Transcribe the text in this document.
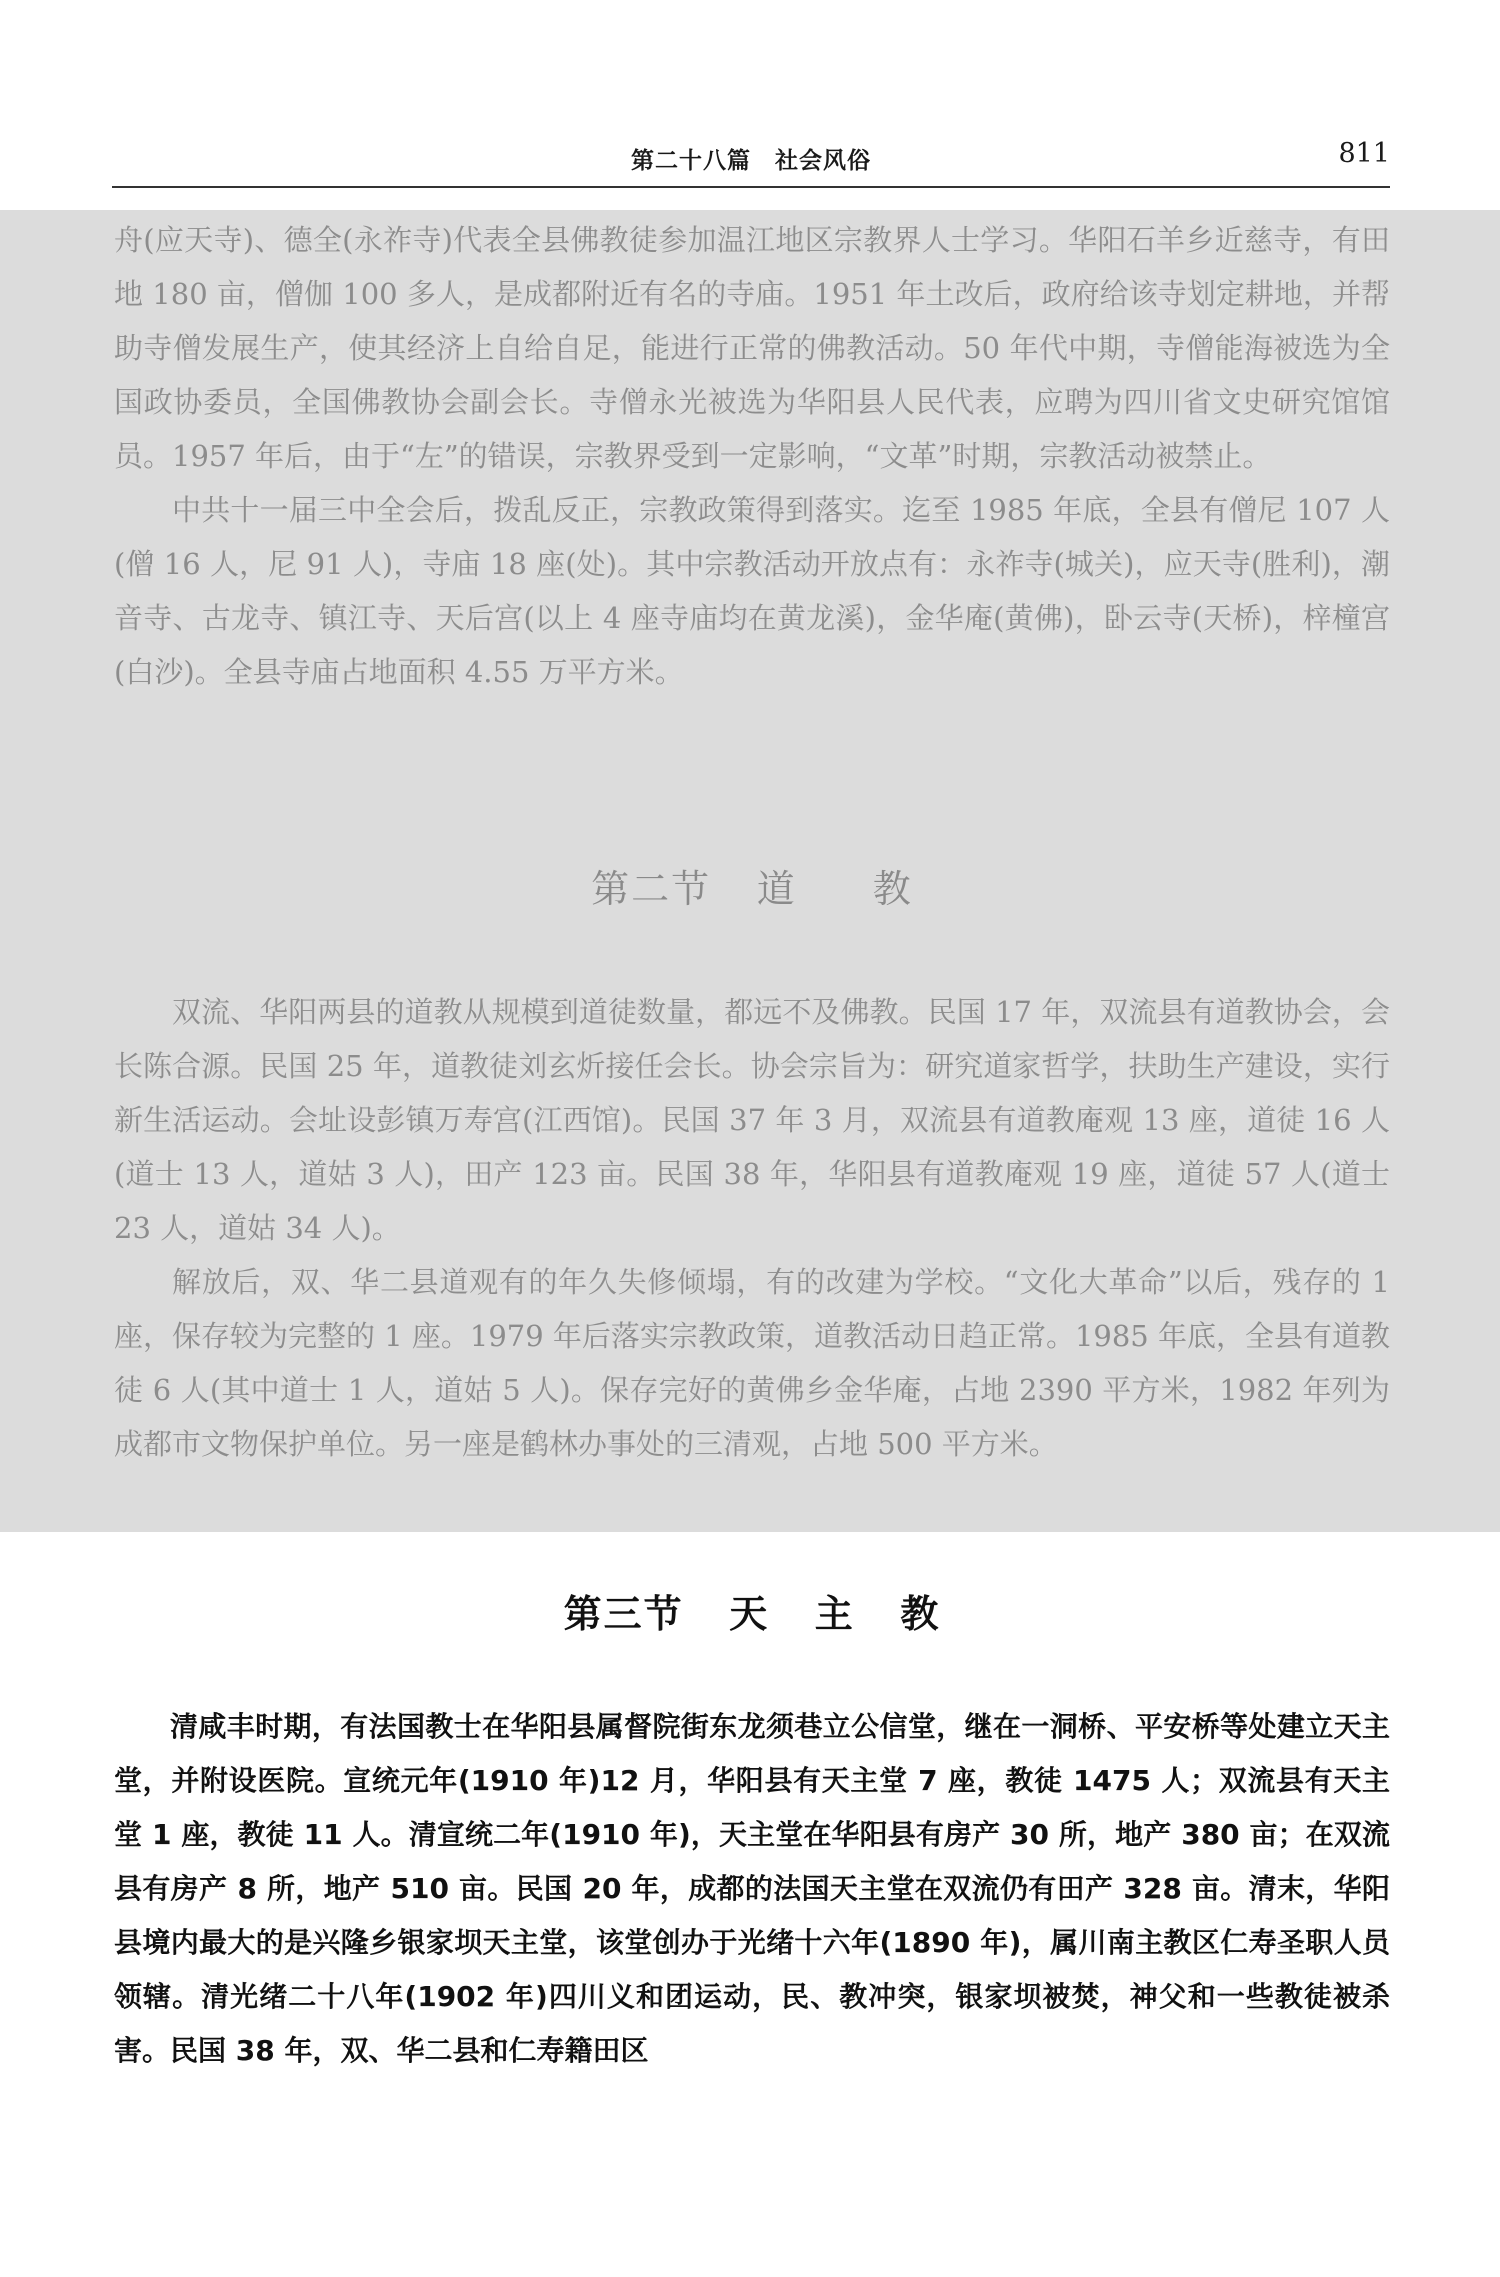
第二十八篇　社会风俗	811

舟(应天寺)、德全(永祚寺)代表全县佛教徒参加温江地区宗教界人士学习。华阳石羊乡近慈寺，有田地 180 亩，僧伽 100 多人，是成都附近有名的寺庙。1951 年土改后，政府给该寺划定耕地，并帮助寺僧发展生产，使其经济上自给自足，能进行正常的佛教活动。50 年代中期，寺僧能海被选为全国政协委员，全国佛教协会副会长。寺僧永光被选为华阳县人民代表，应聘为四川省文史研究馆馆员。1957 年后，由于“左”的错误，宗教界受到一定影响，“文革”时期，宗教活动被禁止。

中共十一届三中全会后，拨乱反正，宗教政策得到落实。迄至 1985 年底，全县有僧尼 107 人(僧 16 人，尼 91 人)，寺庙 18 座(处)。其中宗教活动开放点有：永祚寺(城关)，应天寺(胜利)，潮音寺、古龙寺、镇江寺、天后宫(以上 4 座寺庙均在黄龙溪)，金华庵(黄佛)，卧云寺(天桥)，梓橦宫(白沙)。全县寺庙占地面积 4.55 万平方米。

第二节 道 教

双流、华阳两县的道教从规模到道徒数量，都远不及佛教。民国 17 年，双流县有道教协会，会长陈合源。民国 25 年，道教徒刘玄炘接任会长。协会宗旨为：研究道家哲学，扶助生产建设，实行新生活运动。会址设彭镇万寿宫(江西馆)。民国 37 年 3 月，双流县有道教庵观 13 座，道徒 16 人(道士 13 人，道姑 3 人)，田产 123 亩。民国 38 年，华阳县有道教庵观 19 座，道徒 57 人(道士 23 人，道姑 34 人)。

解放后，双、华二县道观有的年久失修倾塌，有的改建为学校。“文化大革命”以后，残存的 1 座，保存较为完整的 1 座。1979 年后落实宗教政策，道教活动日趋正常。1985 年底，全县有道教徒 6 人(其中道士 1 人，道姑 5 人)。保存完好的黄佛乡金华庵，占地 2390 平方米，1982 年列为成都市文物保护单位。另一座是鹤林办事处的三清观，占地 500 平方米。

第三节 天 主 教

清咸丰时期，有法国教士在华阳县属督院街东龙须巷立公信堂，继在一洞桥、平安桥等处建立天主堂，并附设医院。宣统元年(1910 年)12 月，华阳县有天主堂 7 座，教徒 1475 人；双流县有天主堂 1 座，教徒 11 人。清宣统二年(1910 年)，天主堂在华阳县有房产 30 所，地产 380 亩；在双流县有房产 8 所，地产 510 亩。民国 20 年，成都的法国天主堂在双流仍有田产 328 亩。清末，华阳县境内最大的是兴隆乡银家坝天主堂，该堂创办于光绪十六年(1890 年)，属川南主教区仁寿圣职人员领辖。清光绪二十八年(1902 年)四川义和团运动，民、教冲突，银家坝被焚，神父和一些教徒被杀害。民国 38 年，双、华二县和仁寿籍田区
